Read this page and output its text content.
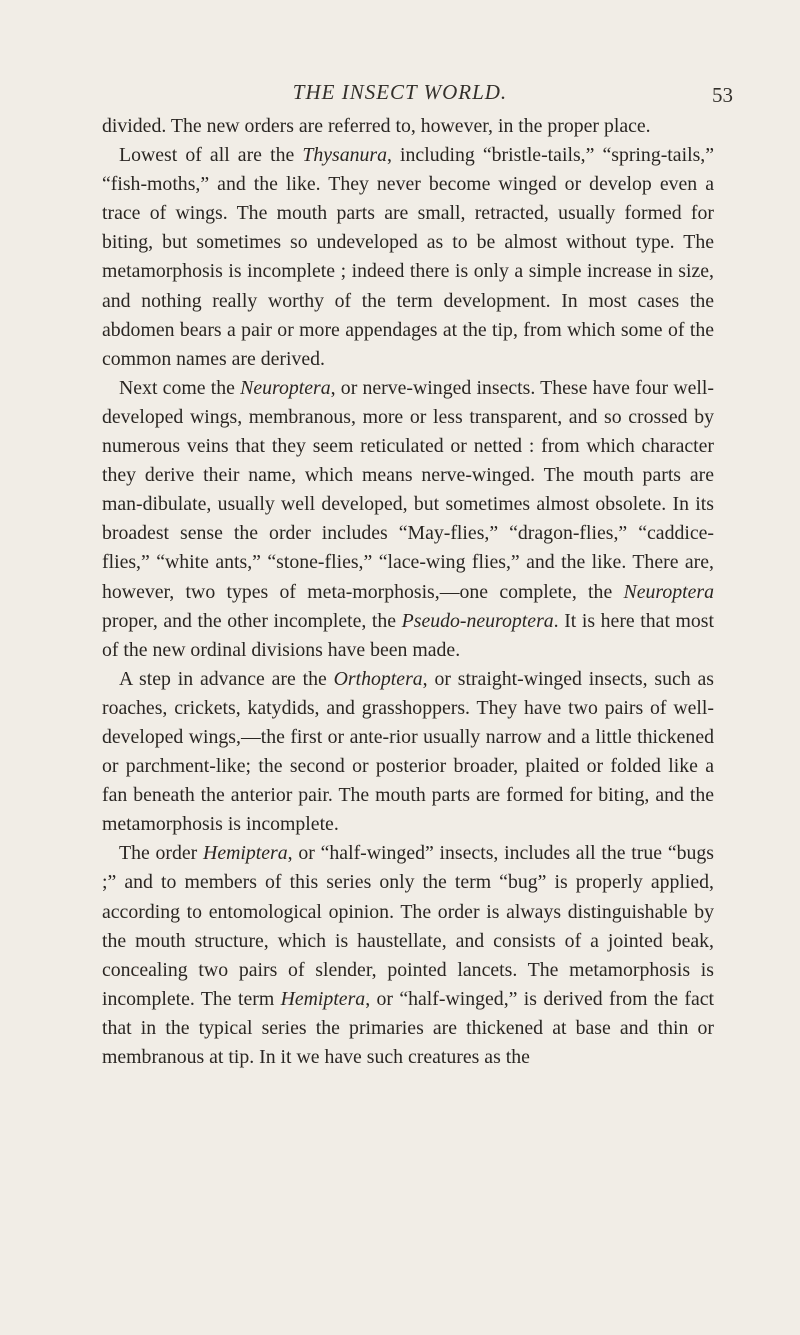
THE INSECT WORLD.	53

divided. The new orders are referred to, however, in the proper place.

Lowest of all are the Thysanura, including “bristle-tails,” “spring-tails,” “fish-moths,” and the like. They never become winged or develop even a trace of wings. The mouth parts are small, retracted, usually formed for biting, but sometimes so undeveloped as to be almost without type. The metamorphosis is incomplete ; indeed there is only a simple increase in size, and nothing really worthy of the term development. In most cases the abdomen bears a pair or more appendages at the tip, from which some of the common names are derived.

Next come the Neuroptera, or nerve-winged insects. These have four well-developed wings, membranous, more or less transparent, and so crossed by numerous veins that they seem reticulated or netted : from which character they derive their name, which means nerve-winged. The mouth parts are man-dibulate, usually well developed, but sometimes almost obsolete. In its broadest sense the order includes “May-flies,” “dragon-flies,” “caddice-flies,” “white ants,” “stone-flies,” “lace-wing flies,” and the like. There are, however, two types of meta-morphosis,—one complete, the Neuroptera proper, and the other incomplete, the Pseudo-neuroptera. It is here that most of the new ordinal divisions have been made.

A step in advance are the Orthoptera, or straight-winged insects, such as roaches, crickets, katydids, and grasshoppers. They have two pairs of well-developed wings,—the first or ante-rior usually narrow and a little thickened or parchment-like; the second or posterior broader, plaited or folded like a fan beneath the anterior pair. The mouth parts are formed for biting, and the metamorphosis is incomplete.

The order Hemiptera, or “half-winged” insects, includes all the true “bugs ;” and to members of this series only the term “bug” is properly applied, according to entomological opinion. The order is always distinguishable by the mouth structure, which is haustellate, and consists of a jointed beak, concealing two pairs of slender, pointed lancets. The metamorphosis is incomplete. The term Hemiptera, or “half-winged,” is derived from the fact that in the typical series the primaries are thickened at base and thin or membranous at tip. In it we have such creatures as the
